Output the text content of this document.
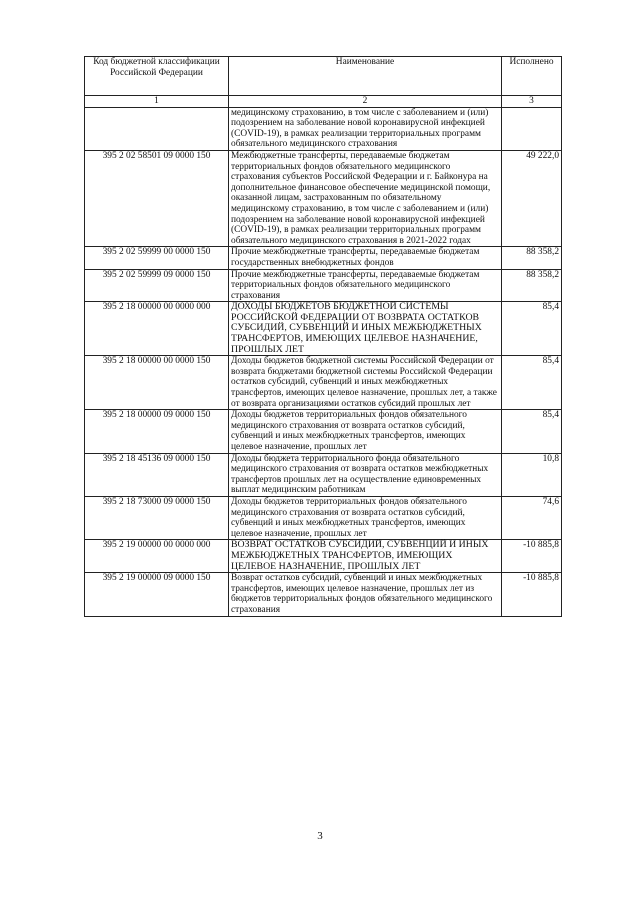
Код бюджетной классификации Российской Федерации	Наименование	Исполнено
1	2	3
	медицинскому страхованию, в том числе с заболеванием и (или) подозрением на заболевание новой коронавирусной инфекцией (COVID-19), в рамках реализации территориальных программ обязательного медицинского страхования	
395 2 02 58501 09 0000 150	Межбюджетные трансферты, передаваемые бюджетам территориальных фондов обязательного медицинского страхования субъектов Российской Федерации и г. Байконура на дополнительное финансовое обеспечение медицинской помощи, оказанной лицам, застрахованным по обязательному медицинскому страхованию, в том числе с заболеванием и (или) подозрением на заболевание новой коронавирусной инфекцией (COVID-19), в рамках реализации территориальных программ обязательного медицинского страхования в 2021-2022 годах	49 222,0
395 2 02 59999 00 0000 150	Прочие межбюджетные трансферты, передаваемые бюджетам государственных внебюджетных фондов	88 358,2
395 2 02 59999 09 0000 150	Прочие межбюджетные трансферты, передаваемые бюджетам территориальных фондов обязательного медицинского страхования	88 358,2
395 2 18 00000 00 0000 000	ДОХОДЫ БЮДЖЕТОВ БЮДЖЕТНОЙ СИСТЕМЫ РОССИЙСКОЙ ФЕДЕРАЦИИ ОТ ВОЗВРАТА ОСТАТКОВ СУБСИДИЙ, СУБВЕНЦИЙ И ИНЫХ МЕЖБЮДЖЕТНЫХ ТРАНСФЕРТОВ, ИМЕЮЩИХ ЦЕЛЕВОЕ НАЗНАЧЕНИЕ, ПРОШЛЫХ ЛЕТ	85,4
395 2 18 00000 00 0000 150	Доходы бюджетов бюджетной системы Российской Федерации от возврата бюджетами бюджетной системы Российской Федерации остатков субсидий, субвенций и иных межбюджетных трансфертов, имеющих целевое назначение, прошлых лет, а также от возврата организациями остатков субсидий прошлых лет	85,4
395 2 18 00000 09 0000 150	Доходы бюджетов территориальных фондов обязательного медицинского страхования от возврата остатков субсидий, субвенций и иных межбюджетных трансфертов, имеющих целевое назначение, прошлых лет	85,4
395 2 18 45136 09 0000 150	Доходы бюджета территориального фонда обязательного медицинского страхования от возврата остатков межбюджетных трансфертов прошлых лет на осуществление единовременных выплат медицинским работникам	10,8
395 2 18 73000 09 0000 150	Доходы бюджетов территориальных фондов обязательного медицинского страхования от возврата остатков субсидий, субвенций и иных межбюджетных трансфертов, имеющих целевое назначение, прошлых лет	74,6
395 2 19 00000 00 0000 000	ВОЗВРАТ ОСТАТКОВ СУБСИДИЙ, СУБВЕНЦИЙ И ИНЫХ МЕЖБЮДЖЕТНЫХ ТРАНСФЕРТОВ, ИМЕЮЩИХ ЦЕЛЕВОЕ НАЗНАЧЕНИЕ, ПРОШЛЫХ ЛЕТ	-10 885,8
395 2 19 00000 09 0000 150	Возврат остатков субсидий, субвенций и иных межбюджетных трансфертов, имеющих целевое назначение, прошлых лет из бюджетов территориальных фондов обязательного медицинского страхования	-10 885,8
3
